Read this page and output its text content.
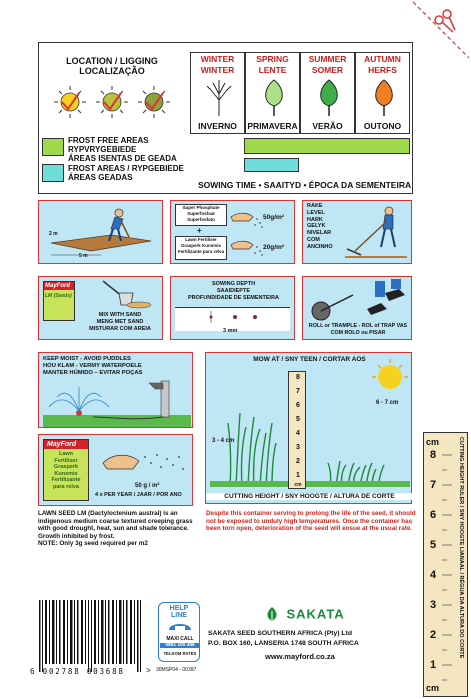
LOCATION / LIGGING
LOCALIZAÇÃO
WINTER
WINTER
INVERNO
SPRING
LENTE
PRIMAVERA
SUMMER
SOMER
VERÃO
AUTUMN
HERFS
OUTONO
FROST FREE AREAS
RYPVRYGEBIEDE
ÁREAS ISENTAS DE GEADA
FROST AREAS / RYPGEBIEDE
ÁREAS GEADAS
SOWING TIME • SAAITYD • ÉPOCA DA SEMENTEIRA
2 m
5 m
Super Phosphate
Superfosfaat
Superfosfato
+
Lawn Fertiliser
Grasperk Kunsmis
Fertilizante para relva
50g/m²
20g/m²
RAKE
LEVEL
HARK
GELYK
NIVELAR
COM
ANCINHO
MayFord
LM (Seeds)
MIX WITH SAND
MENG MET SAND
MISTURAR COM AREIA
SOWING DEPTH
SAAIDIEPTE
PROFUNDIDADE DE SEMENTEIRA
3 mm
ROLL or TRAMPLE - ROL of TRAP VAS
COM ROLO ou PISAR
KEEP MOIST - AVOID PUDDLES
HOU KLAM - VERMY WATERPOELE
MANTER HÚMIDO – EVITAR POÇAS
MOW AT / SNY TEEN / CORTAR AOS
3 - 4 cm
6 - 7 cm
8
7
6
5
4
3
2
1
cm
CUTTING HEIGHT / SNY HOOGTE / ALTURA DE CORTE
MayFord
Lawn
Fertiliser
Grasperk
Kunsmis
Fertilizante
para relva	50 g / m²
4 x PER YEAR / JAAR / POR ANO
cm
8
7
6
5
4
3
2
1
cm
CUTTING HEIGHT RULER / SNY HOOGTE LIANAAL / RÉGUA DA ALTURA DO CORTE
LAWN SEED LM (Dactyloctenium austral) is an indigenous medium coarse textured creeping grass with good drought, heat, sun and shade tolerance. Growth inhibited by frost.
NOTE: Only 3g seed required per m2
Despite this container serving to prolong the life of the seed, it should not be exposed to unduly high temperatures. Once the container has been torn open, deterioration of the seed will ensue at the usual rate.
6 002788 003688	>
HELP
LINE
MAXI CALL
0861 100 456
TELKOM RATES
30MSP04 - 00397
SAKATA
SAKATA SEED SOUTHERN AFRICA (Pty) Ltd
P.O. BOX 160, LANSERIA 1748 SOUTH AFRICA
www.mayford.co.za
